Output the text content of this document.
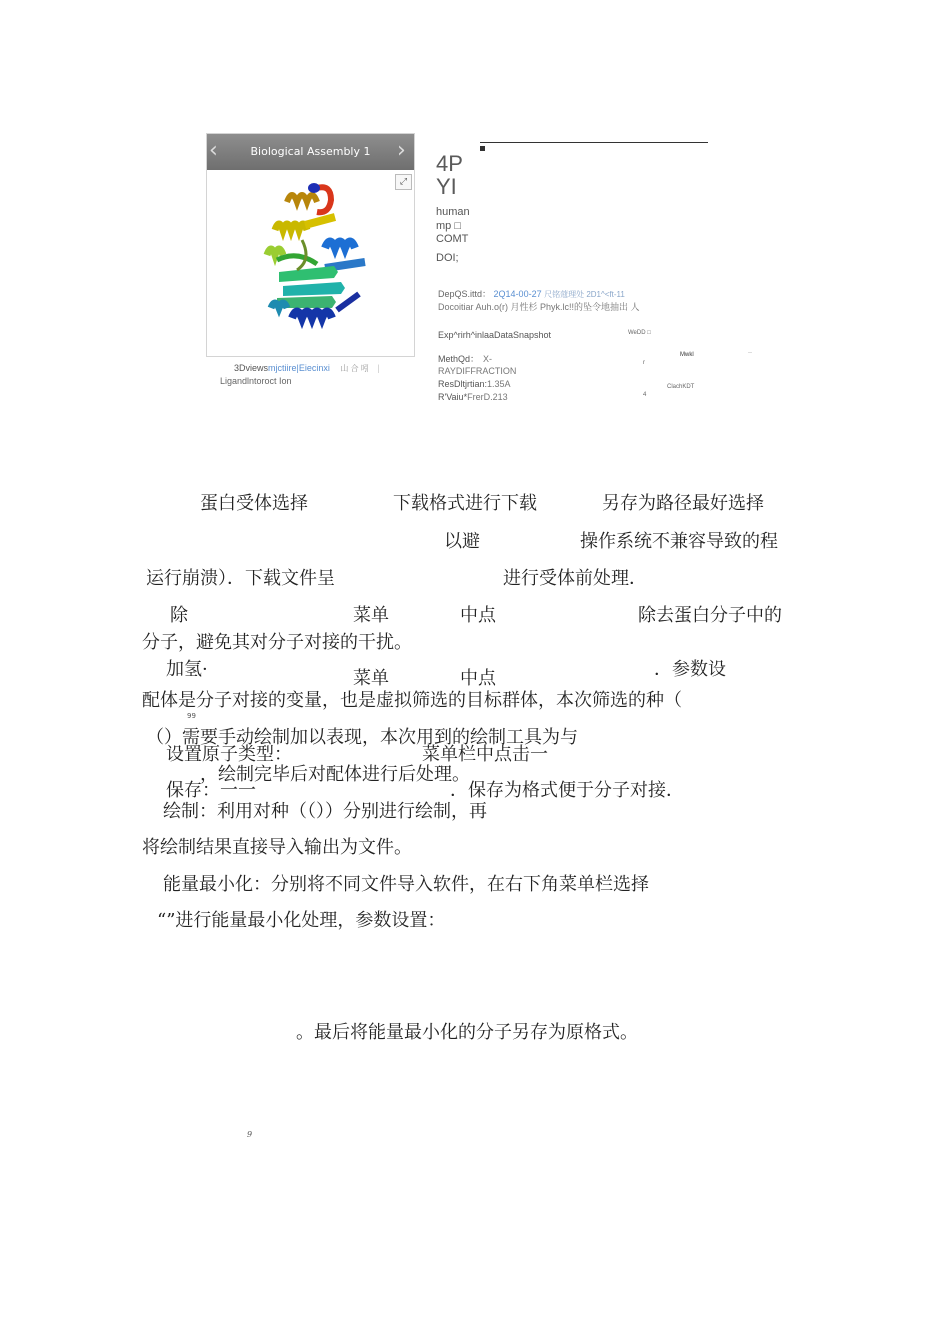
Biological Assembly 1
‹	›
⤢
3Dviewsmjctiire|Eiecinxi 山 合 吲 |
Ligandlntoroct Ion
4P
YI
human
mp □
COMT
DOI;
DepQS.ittd： 2Q14-00-27 尺铭蔻理处 2D1^<ft-11
Docoitiar Auh.o(r) 月性杉 Phyk.lc!!的坠令地抽出 人
Exp^rirh^inlaaDataSnapshot	WeDD □
MethQd： X-
RAYDIFFRACTION
ResDltjrtian:1.35A
R'Vaiu*FrerD.213
r
Mwkl	--
ClachKDT
4
蛋白受体选择	下载格式进行下载	另存为路径最好选择
以避	操作系统不兼容导致的程
运行崩溃）．下载文件呈	进行受体前处理．
除	菜单	中点	除去蛋白分子中的
分子，避免其对分子对接的干扰。
加氢·	菜单	中点	．参数设
配体是分子对接的变量，也是虚拟筛选的目标群体，本次筛选的种（
99
（）需要手动绘制加以表现，本次用到的绘制工具为与
设置原子类型：	菜单栏中点击一
，绘制完毕后对配体进行后处理。
保存：一一	．保存为格式便于分子对接．
绘制：利用对种（（））分别进行绘制，再
将绘制结果直接导入输出为文件。
能量最小化：分别将不同文件导入软件，在右下角菜单栏选择
“”进行能量最小化处理，参数设置：
。最后将能量最小化的分子另存为原格式。
9
